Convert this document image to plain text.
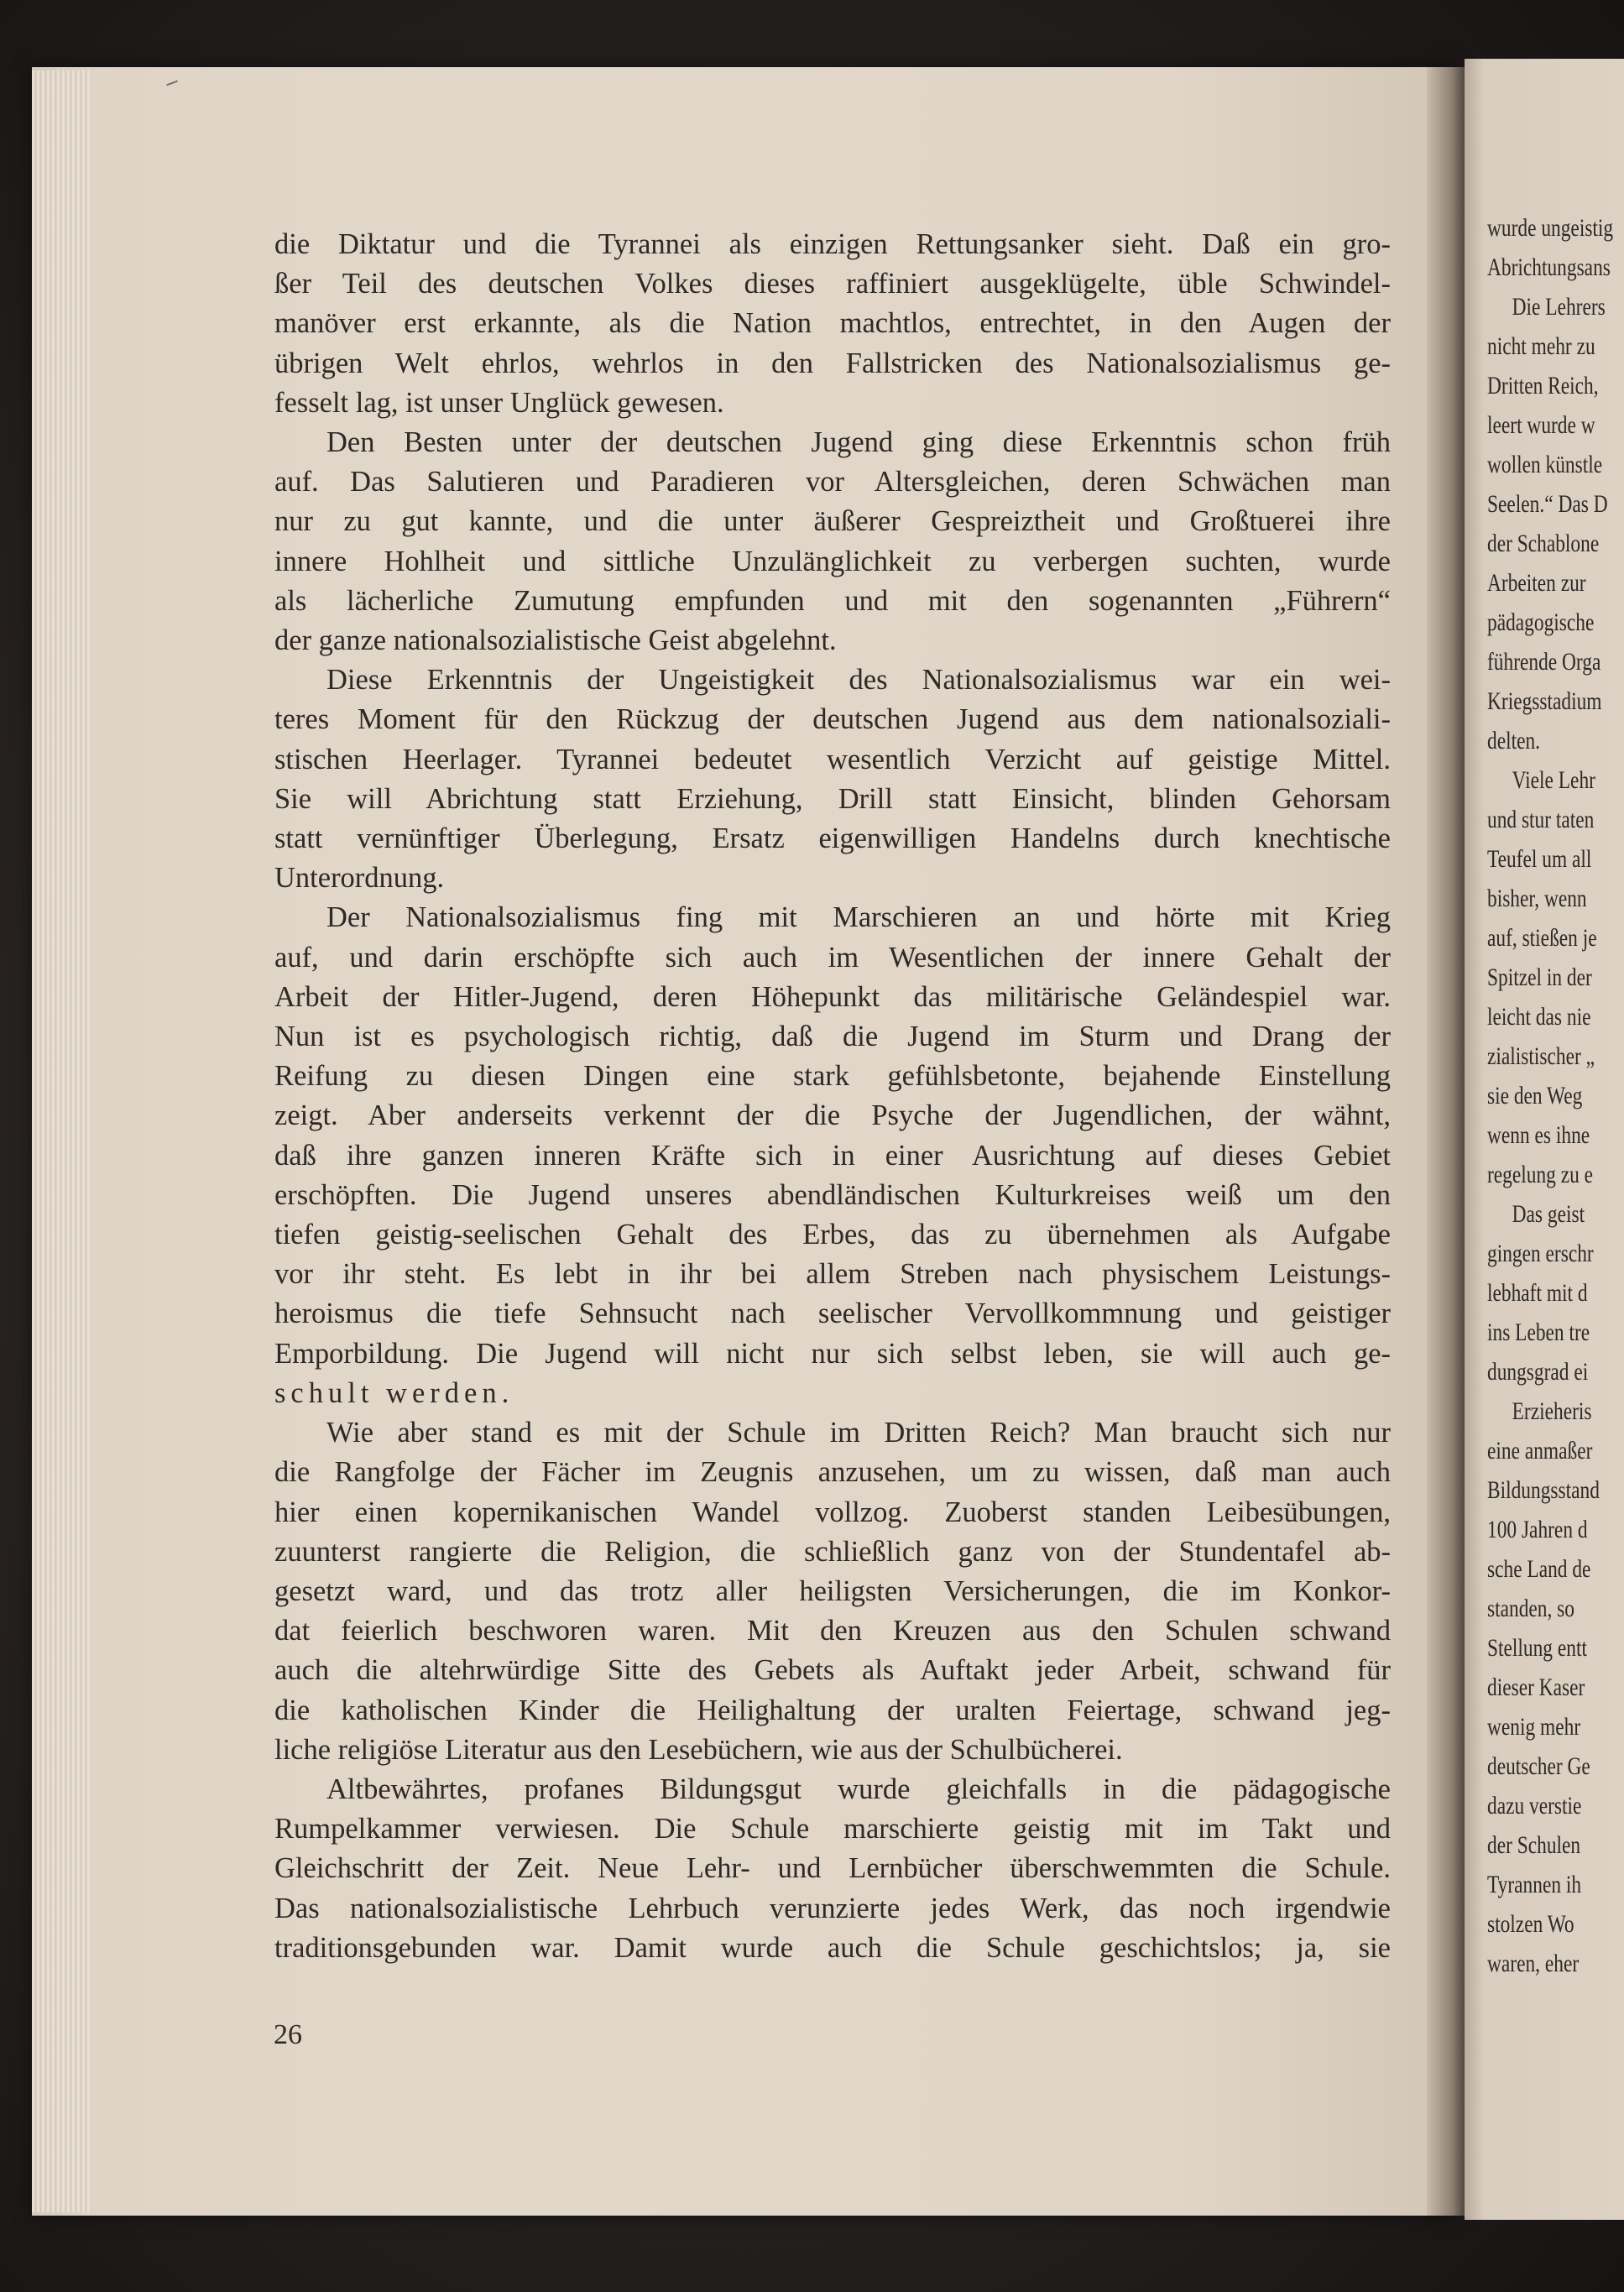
die Diktatur und die Tyrannei als einzigen Rettungsanker sieht. Daß ein gro-
ßer Teil des deutschen Volkes dieses raffiniert ausgeklügelte, üble Schwindel-
manöver erst erkannte, als die Nation machtlos, entrechtet, in den Augen der
übrigen Welt ehrlos, wehrlos in den Fallstricken des Nationalsozialismus ge-
fesselt lag, ist unser Unglück gewesen.
Den Besten unter der deutschen Jugend ging diese Erkenntnis schon früh
auf. Das Salutieren und Paradieren vor Altersgleichen, deren Schwächen man
nur zu gut kannte, und die unter äußerer Gespreiztheit und Großtuerei ihre
innere Hohlheit und sittliche Unzulänglichkeit zu verbergen suchten, wurde
als lächerliche Zumutung empfunden und mit den sogenannten „Führern“
der ganze nationalsozialistische Geist abgelehnt.
Diese Erkenntnis der Ungeistigkeit des Nationalsozialismus war ein wei-
teres Moment für den Rückzug der deutschen Jugend aus dem nationalsoziali-
stischen Heerlager. Tyrannei bedeutet wesentlich Verzicht auf geistige Mittel.
Sie will Abrichtung statt Erziehung, Drill statt Einsicht, blinden Gehorsam
statt vernünftiger Überlegung, Ersatz eigenwilligen Handelns durch knechtische
Unterordnung.
Der Nationalsozialismus fing mit Marschieren an und hörte mit Krieg
auf, und darin erschöpfte sich auch im Wesentlichen der innere Gehalt der
Arbeit der Hitler-Jugend, deren Höhepunkt das militärische Geländespiel war.
Nun ist es psychologisch richtig, daß die Jugend im Sturm und Drang der
Reifung zu diesen Dingen eine stark gefühlsbetonte, bejahende Einstellung
zeigt. Aber anderseits verkennt der die Psyche der Jugendlichen, der wähnt,
daß ihre ganzen inneren Kräfte sich in einer Ausrichtung auf dieses Gebiet
erschöpften. Die Jugend unseres abendländischen Kulturkreises weiß um den
tiefen geistig-seelischen Gehalt des Erbes, das zu übernehmen als Aufgabe
vor ihr steht. Es lebt in ihr bei allem Streben nach physischem Leistungs-
heroismus die tiefe Sehnsucht nach seelischer Vervollkommnung und geistiger
Emporbildung. Die Jugend will nicht nur sich selbst leben, sie will auch ge-
schult werden.
Wie aber stand es mit der Schule im Dritten Reich? Man braucht sich nur
die Rangfolge der Fächer im Zeugnis anzusehen, um zu wissen, daß man auch
hier einen kopernikanischen Wandel vollzog. Zuoberst standen Leibesübungen,
zuunterst rangierte die Religion, die schließlich ganz von der Stundentafel ab-
gesetzt ward, und das trotz aller heiligsten Versicherungen, die im Konkor-
dat feierlich beschworen waren. Mit den Kreuzen aus den Schulen schwand
auch die altehrwürdige Sitte des Gebets als Auftakt jeder Arbeit, schwand für
die katholischen Kinder die Heilighaltung der uralten Feiertage, schwand jeg-
liche religiöse Literatur aus den Lesebüchern, wie aus der Schulbücherei.
Altbewährtes, profanes Bildungsgut wurde gleichfalls in die pädagogische
Rumpelkammer verwiesen. Die Schule marschierte geistig mit im Takt und
Gleichschritt der Zeit. Neue Lehr- und Lernbücher überschwemmten die Schule.
Das nationalsozialistische Lehrbuch verunzierte jedes Werk, das noch irgendwie
traditionsgebunden war. Damit wurde auch die Schule geschichtslos; ja, sie
26
wurde ungeistig
Abrichtungsans
Die Lehrers
nicht mehr zu
Dritten Reich,
leert wurde w
wollen künstle
Seelen.“ Das D
der Schablone
Arbeiten zur
pädagogische
führende Orga
Kriegsstadium
delten.
Viele Lehr
und stur taten
Teufel um all
bisher, wenn
auf, stießen je
Spitzel in der
leicht das nie
zialistischer „
sie den Weg
wenn es ihne
regelung zu e
Das geist
gingen erschr
lebhaft mit d
ins Leben tre
dungsgrad ei
Erzieheris
eine anmaßer
Bildungsstand
100 Jahren d
sche Land de
standen, so
Stellung entt
dieser Kaser
wenig mehr
deutscher Ge
dazu verstie
der Schulen
Tyrannen ih
stolzen Wo
waren, eher
